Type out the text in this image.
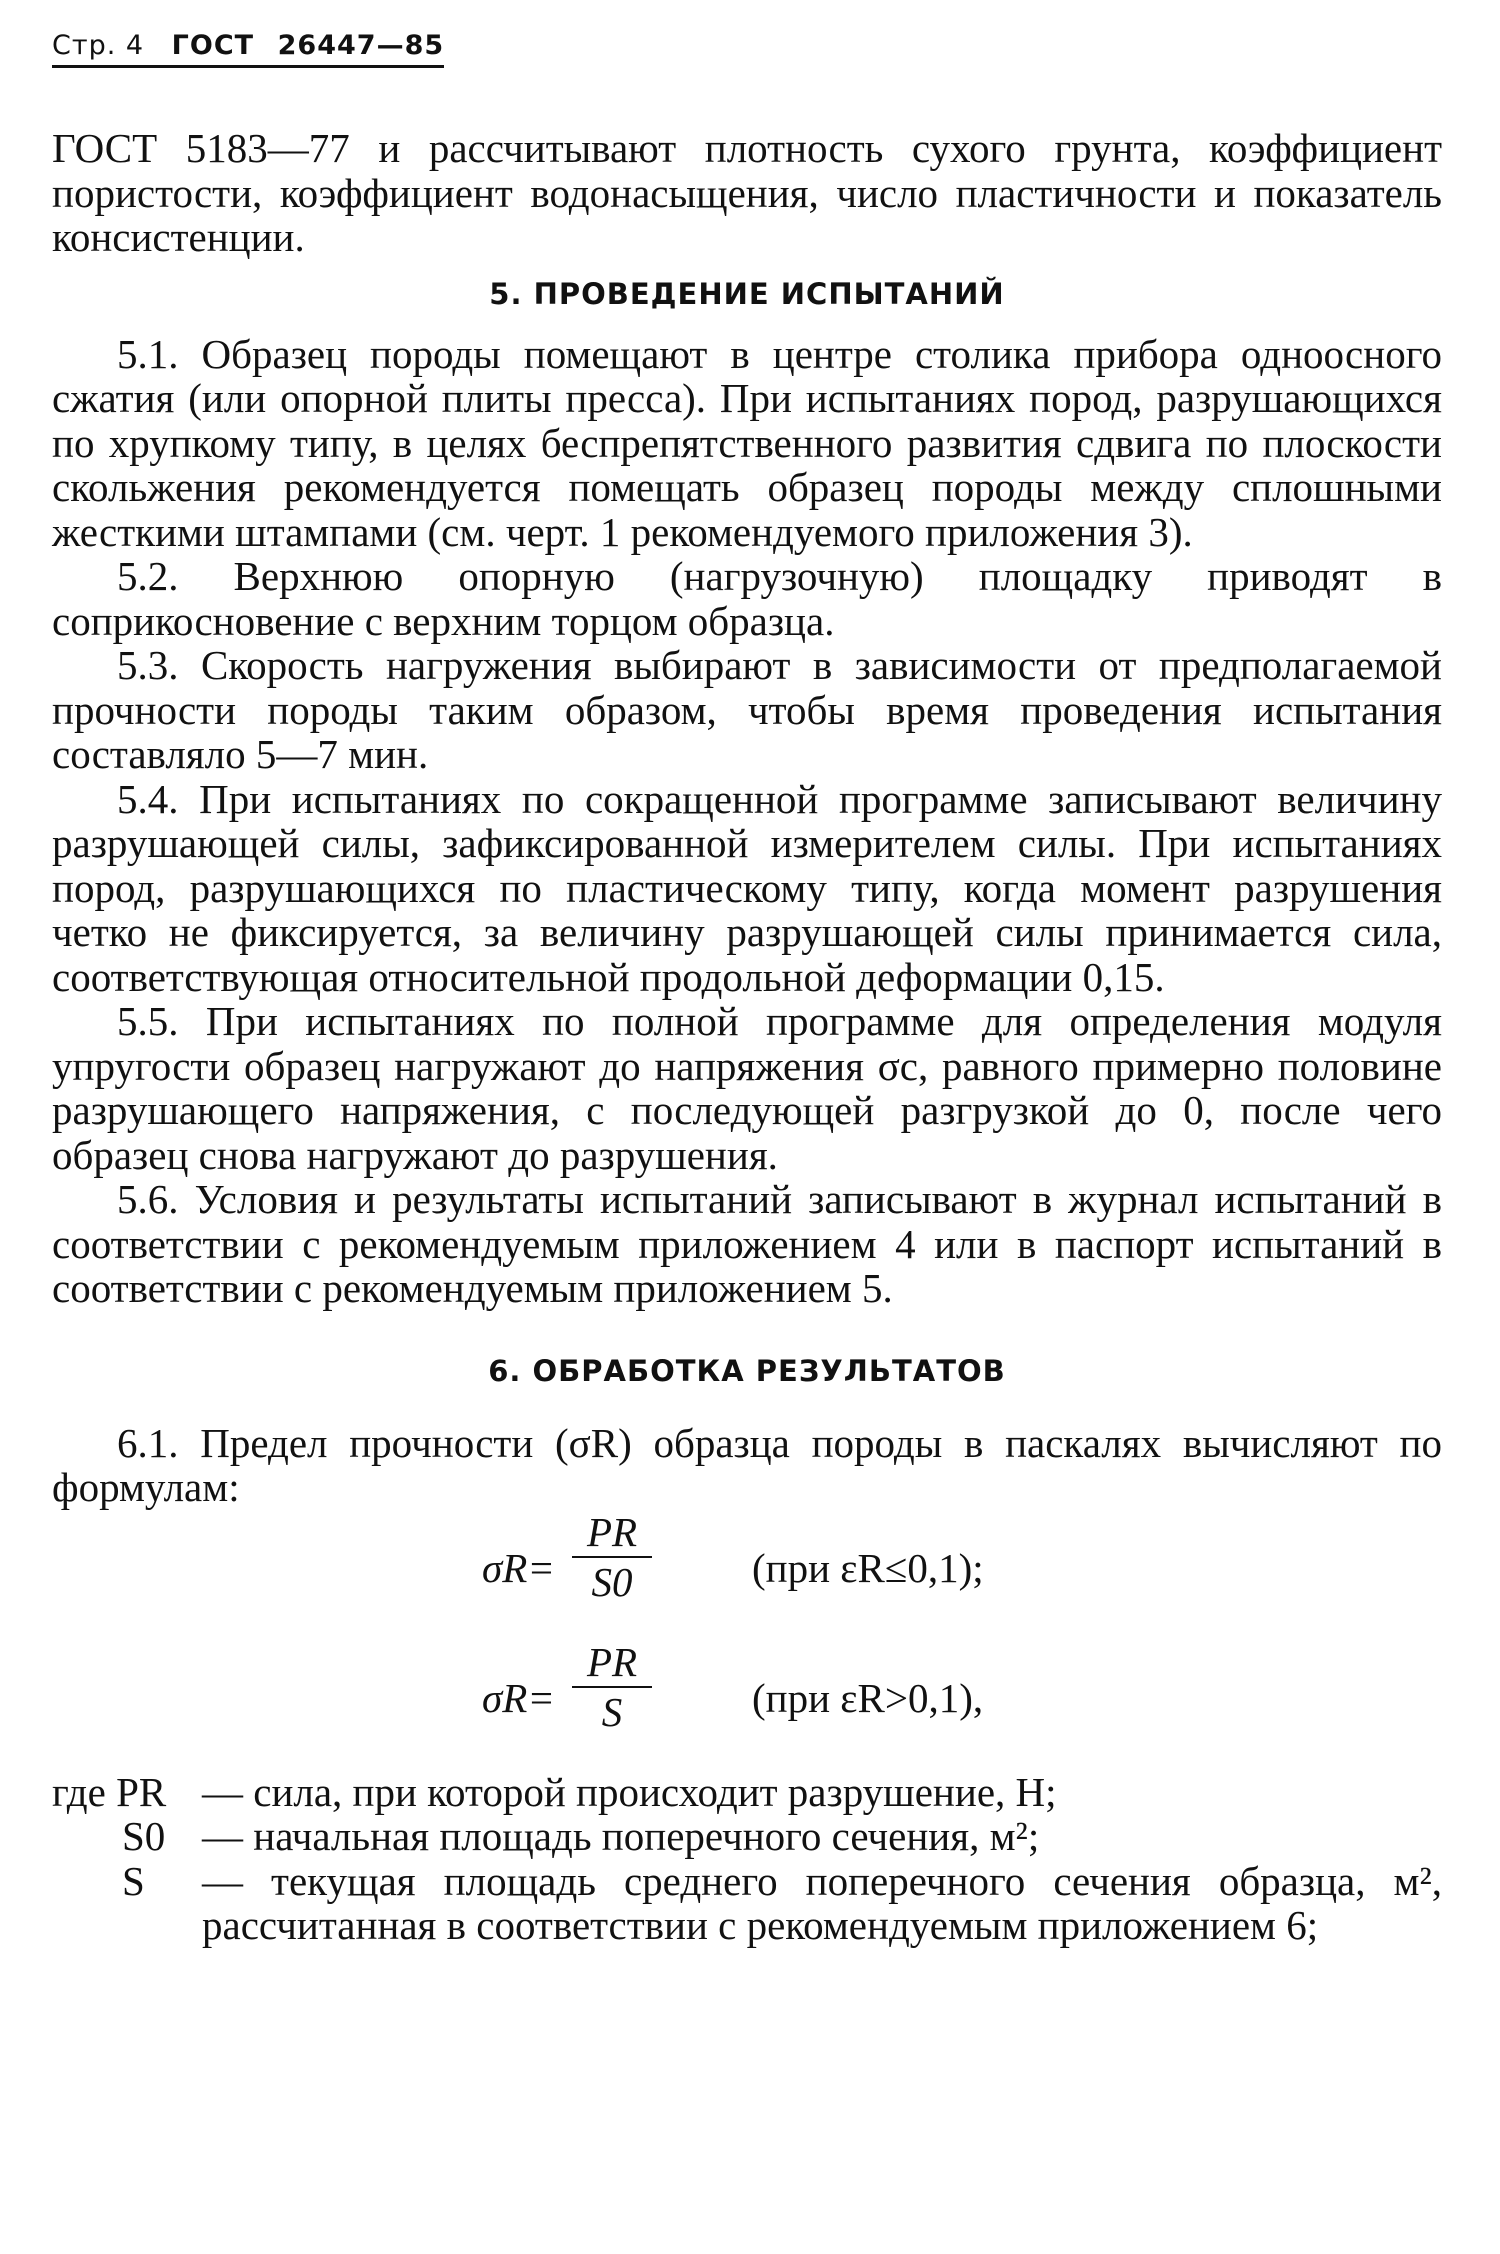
Стр. 4 ГОСТ 26447—85

ГОСТ 5183—77 и рассчитывают плотность сухого грунта, коэффициент пористости, коэффициент водонасыщения, число пластичности и показатель консистенции.

5. ПРОВЕДЕНИЕ ИСПЫТАНИЙ

5.1. Образец породы помещают в центре столика прибора одноосного сжатия (или опорной плиты пресса). При испытаниях пород, разрушающихся по хрупкому типу, в целях беспрепятственного развития сдвига по плоскости скольжения рекомендуется помещать образец породы между сплошными жесткими штампами (см. черт. 1 рекомендуемого приложения 3).

5.2. Верхнюю опорную (нагрузочную) площадку приводят в соприкосновение с верхним торцом образца.

5.3. Скорость нагружения выбирают в зависимости от предполагаемой прочности породы таким образом, чтобы время проведения испытания составляло 5—7 мин.

5.4. При испытаниях по сокращенной программе записывают величину разрушающей силы, зафиксированной измерителем силы. При испытаниях пород, разрушающихся по пластическому типу, когда момент разрушения четко не фиксируется, за величину разрушающей силы принимается сила, соответствующая относительной продольной деформации 0,15.

5.5. При испытаниях по полной программе для определения модуля упругости образец нагружают до напряжения σc, равного примерно половине разрушающего напряжения, с последующей разгрузкой до 0, после чего образец снова нагружают до разрушения.

5.6. Условия и результаты испытаний записывают в журнал испытаний в соответствии с рекомендуемым приложением 4 или в паспорт испытаний в соответствии с рекомендуемым приложением 5.

6. ОБРАБОТКА РЕЗУЛЬТАТОВ

6.1. Предел прочности (σR) образца породы в паскалях вычисляют по формулам:

σR=
PR
S0	(при εR≤0,1);
σR=
PR
S	(при εR>0,1),
где PR — сила, при которой происходит разрушение, Н;
S0 — начальная площадь поперечного сечения, м²;
S	— текущая площадь среднего поперечного сечения образца, м², рассчитанная в соответствии с рекомендуемым приложением 6;
